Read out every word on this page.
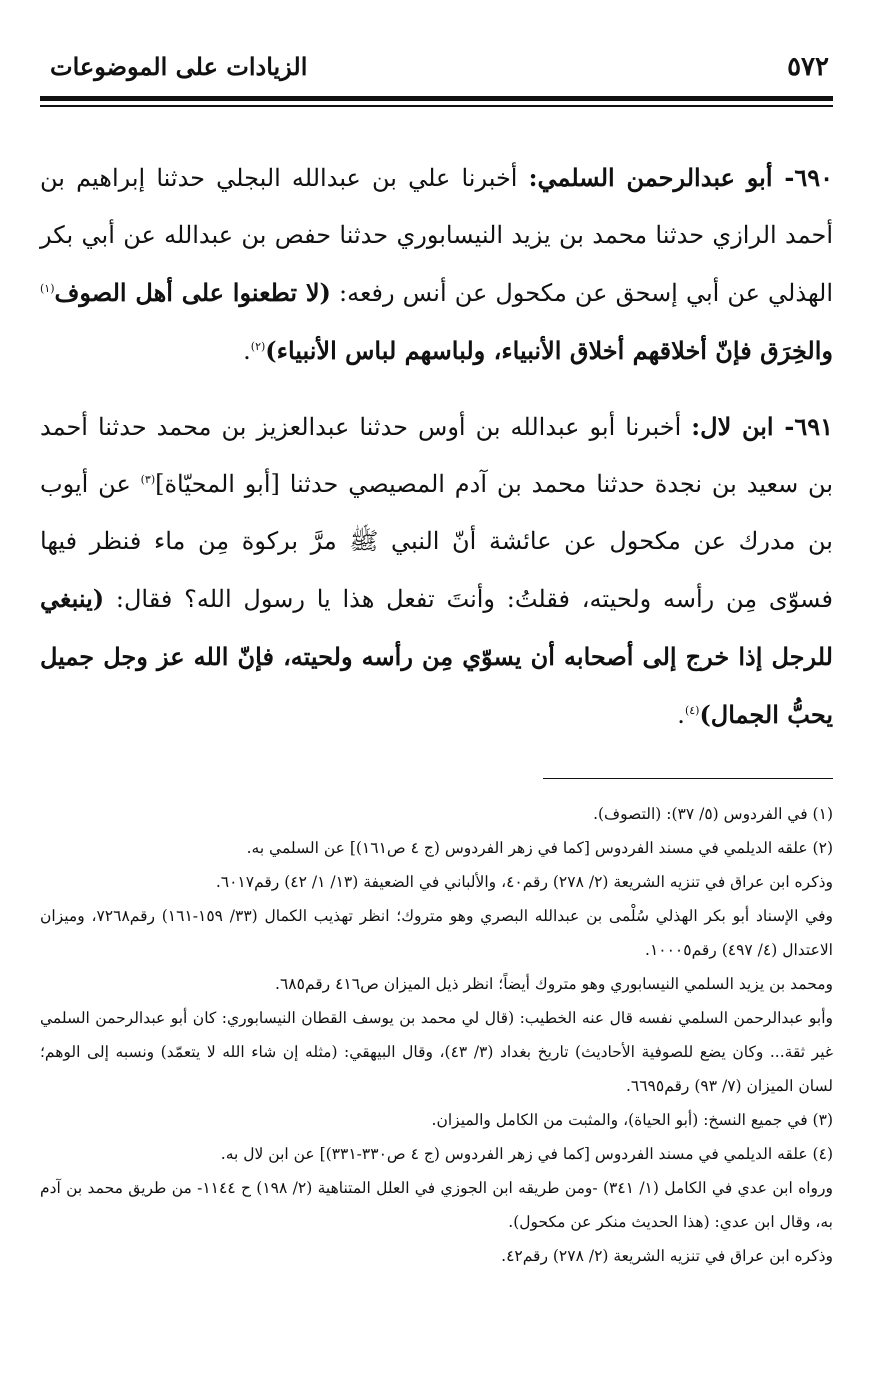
٥٧٢
الزيادات على الموضوعات

٦٩٠- أبو عبدالرحمن السلمي: أخبرنا علي بن عبدالله البجلي حدثنا إبراهيم بن أحمد الرازي حدثنا محمد بن يزيد النيسابوري حدثنا حفص بن عبدالله عن أبي بكر الهذلي عن أبي إسحق عن مكحول عن أنس رفعه: (لا تطعنوا على أهل الصوف$^{(١)}$ والخِرَق فإنّ أخلاقهم أخلاق الأنبياء، ولباسهم لباس الأنبياء)$^{(٢)}$.

٦٩١- ابن لال: أخبرنا أبو عبدالله بن أوس حدثنا عبدالعزيز بن محمد حدثنا أحمد بن سعيد بن نجدة حدثنا محمد بن آدم المصيصي حدثنا [أبو المحيّاة]$^{(٣)}$ عن أيوب بن مدرك عن مكحول عن عائشة أنّ النبي ﷺ مرَّ بركوة مِن ماء فنظر فيها فسوّى مِن رأسه ولحيته، فقلتُ: وأنتَ تفعل هذا يا رسول الله؟ فقال: (ينبغي للرجل إذا خرج إلى أصحابه أن يسوّي مِن رأسه ولحيته، فإنّ الله عز وجل جميل يحبُّ الجمال)$^{(٤)}$.

(١) في الفردوس (٥/ ٣٧): (التصوف).

(٢) علقه الديلمي في مسند الفردوس [كما في زهر الفردوس (ج ٤ ص١٦١)] عن السلمي به.

وذكره ابن عراق في تنزيه الشريعة (٢/ ٢٧٨) رقم٤٠، والألباني في الضعيفة (١٣/ ١/ ٤٢) رقم٦٠١٧.

وفي الإسناد أبو بكر الهذلي سُلْمى بن عبدالله البصري وهو متروك؛ انظر تهذيب الكمال (٣٣/ ١٥٩-١٦١) رقم٧٢٦٨، وميزان الاعتدال (٤/ ٤٩٧) رقم١٠٠٠٥.

ومحمد بن يزيد السلمي النيسابوري وهو متروك أيضاً؛ انظر ذيل الميزان ص٤١٦ رقم٦٨٥.

وأبو عبدالرحمن السلمي نفسه قال عنه الخطيب: (قال لي محمد بن يوسف القطان النيسابوري: كان أبو عبدالرحمن السلمي غير ثقة... وكان يضع للصوفية الأحاديث) تاريخ بغداد (٣/ ٤٣)، وقال البيهقي: (مثله إن شاء الله لا يتعمّد) ونسبه إلى الوهم؛ لسان الميزان (٧/ ٩٣) رقم٦٦٩٥.

(٣) في جميع النسخ: (أبو الحياة)، والمثبت من الكامل والميزان.

(٤) علقه الديلمي في مسند الفردوس [كما في زهر الفردوس (ج ٤ ص٣٣٠-٣٣١)] عن ابن لال به.

ورواه ابن عدي في الكامل (١/ ٣٤١) -ومن طريقه ابن الجوزي في العلل المتناهية (٢/ ١٩٨) ح ١١٤٤- من طريق محمد بن آدم به، وقال ابن عدي: (هذا الحديث منكر عن مكحول).

وذكره ابن عراق في تنزيه الشريعة (٢/ ٢٧٨) رقم٤٢.
